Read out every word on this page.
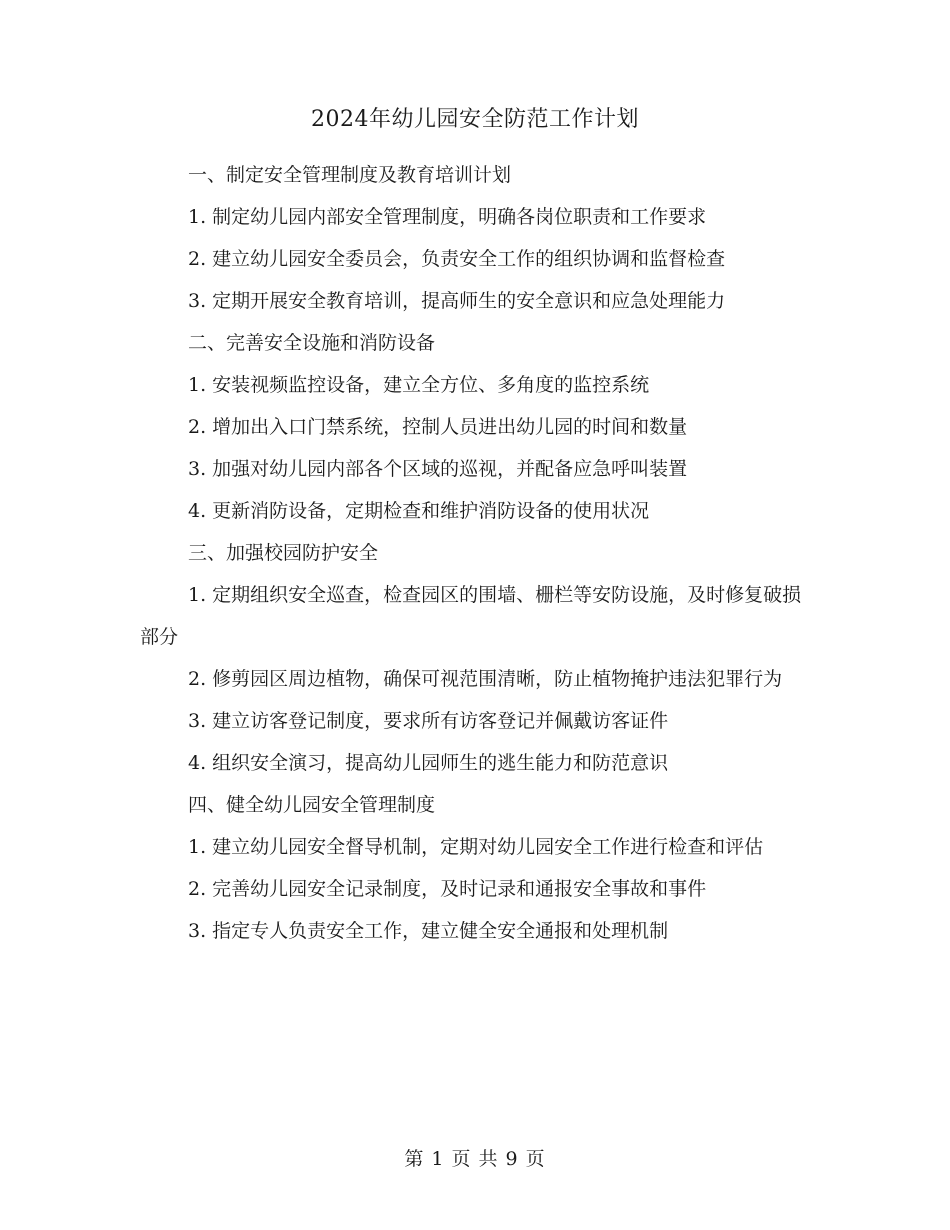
2024年幼儿园安全防范工作计划

一、制定安全管理制度及教育培训计划

1. 制定幼儿园内部安全管理制度，明确各岗位职责和工作要求

2. 建立幼儿园安全委员会，负责安全工作的组织协调和监督检查

3. 定期开展安全教育培训，提高师生的安全意识和应急处理能力

二、完善安全设施和消防设备

1. 安装视频监控设备，建立全方位、多角度的监控系统

2. 增加出入口门禁系统，控制人员进出幼儿园的时间和数量

3. 加强对幼儿园内部各个区域的巡视，并配备应急呼叫装置

4. 更新消防设备，定期检查和维护消防设备的使用状况

三、加强校园防护安全

1. 定期组织安全巡查，检查园区的围墙、栅栏等安防设施，及时修复破损部分

2. 修剪园区周边植物，确保可视范围清晰，防止植物掩护违法犯罪行为

3. 建立访客登记制度，要求所有访客登记并佩戴访客证件

4. 组织安全演习，提高幼儿园师生的逃生能力和防范意识

四、健全幼儿园安全管理制度

1. 建立幼儿园安全督导机制，定期对幼儿园安全工作进行检查和评估

2. 完善幼儿园安全记录制度，及时记录和通报安全事故和事件

3. 指定专人负责安全工作，建立健全安全通报和处理机制

第 1 页 共 9 页
